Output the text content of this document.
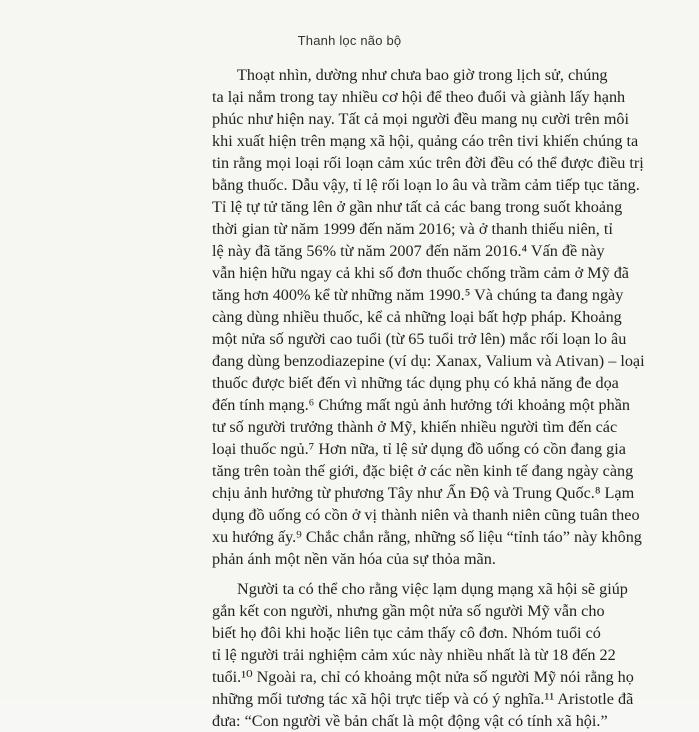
Thanh lọc não bộ
Thoạt nhìn, dường như chưa bao giờ trong lịch sử, chúng
ta lại nắm trong tay nhiều cơ hội để theo đuổi và giành lấy hạnh
phúc như hiện nay. Tất cả mọi người đều mang nụ cười trên môi
khi xuất hiện trên mạng xã hội, quảng cáo trên tivi khiến chúng ta
tin rằng mọi loại rối loạn cảm xúc trên đời đều có thể được điều trị
bằng thuốc. Dẫu vậy, tỉ lệ rối loạn lo âu và trầm cảm tiếp tục tăng.
Tỉ lệ tự tử tăng lên ở gần như tất cả các bang trong suốt khoảng
thời gian từ năm 1999 đến năm 2016; và ở thanh thiếu niên, tỉ
lệ này đã tăng 56% từ năm 2007 đến năm 2016.⁴ Vấn đề này
vẫn hiện hữu ngay cả khi số đơn thuốc chống trầm cảm ở Mỹ đã
tăng hơn 400% kể từ những năm 1990.⁵ Và chúng ta đang ngày
càng dùng nhiều thuốc, kể cả những loại bất hợp pháp. Khoảng
một nửa số người cao tuổi (từ 65 tuổi trở lên) mắc rối loạn lo âu
đang dùng benzodiazepine (ví dụ: Xanax, Valium và Ativan) – loại
thuốc được biết đến vì những tác dụng phụ có khả năng đe dọa
đến tính mạng.⁶ Chứng mất ngủ ảnh hưởng tới khoảng một phần
tư số người trưởng thành ở Mỹ, khiến nhiều người tìm đến các
loại thuốc ngủ.⁷ Hơn nữa, tỉ lệ sử dụng đồ uống có cồn đang gia
tăng trên toàn thế giới, đặc biệt ở các nền kinh tế đang ngày càng
chịu ảnh hưởng từ phương Tây như Ấn Độ và Trung Quốc.⁸ Lạm
dụng đồ uống có cồn ở vị thành niên và thanh niên cũng tuân theo
xu hướng ấy.⁹ Chắc chắn rằng, những số liệu “tỉnh táo” này không
phản ánh một nền văn hóa của sự thỏa mãn.
Người ta có thể cho rằng việc lạm dụng mạng xã hội sẽ giúp
gắn kết con người, nhưng gần một nửa số người Mỹ vẫn cho
biết họ đôi khi hoặc liên tục cảm thấy cô đơn. Nhóm tuổi có
tỉ lệ người trải nghiệm cảm xúc này nhiều nhất là từ 18 đến 22
tuổi.¹⁰ Ngoài ra, chỉ có khoảng một nửa số người Mỹ nói rằng họ
những mối tương tác xã hội trực tiếp và có ý nghĩa.¹¹ Aristotle đã
đưa: “Con người về bản chất là một động vật có tính xã hội.”
